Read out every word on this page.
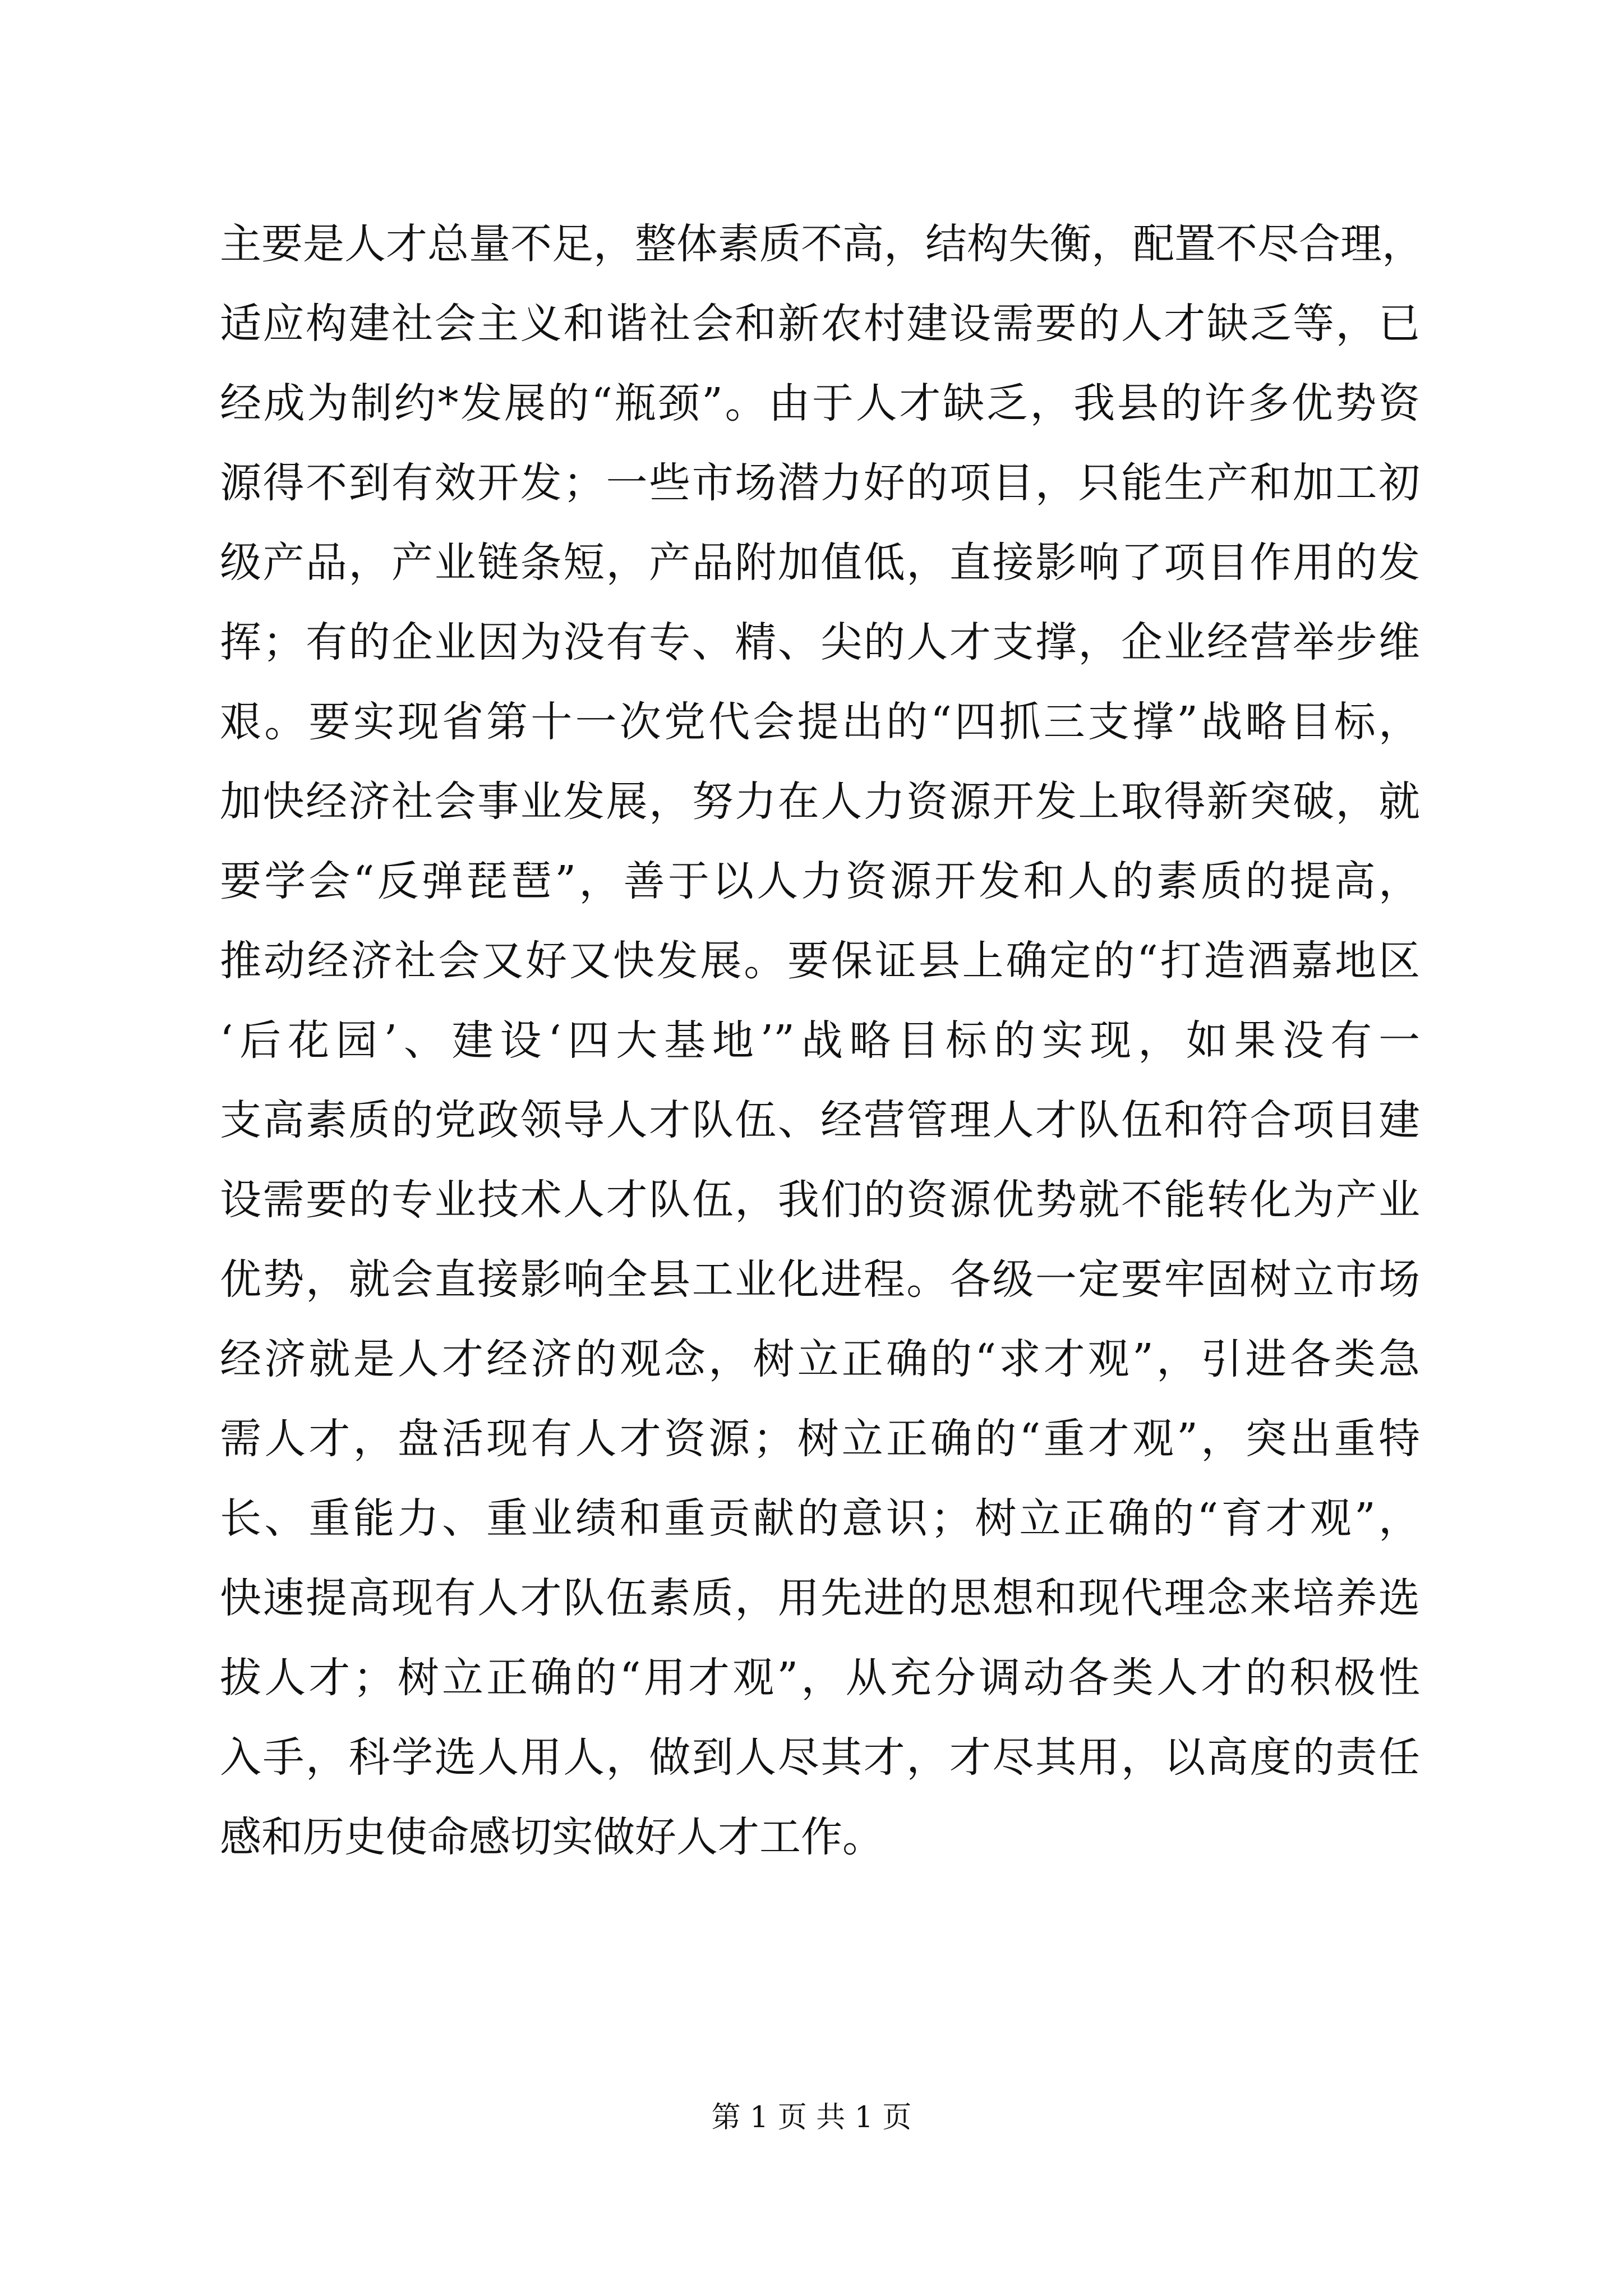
主要是人才总量不足，整体素质不高，结构失衡，配置不尽合理，
适应构建社会主义和谐社会和新农村建设需要的人才缺乏等，已
经成为制约*发展的“瓶颈”。由于人才缺乏，我县的许多优势资
源得不到有效开发；一些市场潜力好的项目，只能生产和加工初
级产品，产业链条短，产品附加值低，直接影响了项目作用的发
挥；有的企业因为没有专、精、尖的人才支撑，企业经营举步维
艰。要实现省第十一次党代会提出的“四抓三支撑”战略目标，
加快经济社会事业发展，努力在人力资源开发上取得新突破，就
要学会“反弹琵琶”，善于以人力资源开发和人的素质的提高，
推动经济社会又好又快发展。要保证县上确定的“打造酒嘉地区
‘后花园’、建设‘四大基地’”战略目标的实现，如果没有一
支高素质的党政领导人才队伍、经营管理人才队伍和符合项目建
设需要的专业技术人才队伍，我们的资源优势就不能转化为产业
优势，就会直接影响全县工业化进程。各级一定要牢固树立市场
经济就是人才经济的观念，树立正确的“求才观”，引进各类急
需人才，盘活现有人才资源；树立正确的“重才观”，突出重特
长、重能力、重业绩和重贡献的意识；树立正确的“育才观”，
快速提高现有人才队伍素质，用先进的思想和现代理念来培养选
拔人才；树立正确的“用才观”，从充分调动各类人才的积极性
入手，科学选人用人，做到人尽其才，才尽其用，以高度的责任
感和历史使命感切实做好人才工作。
第 1 页 共 1 页
